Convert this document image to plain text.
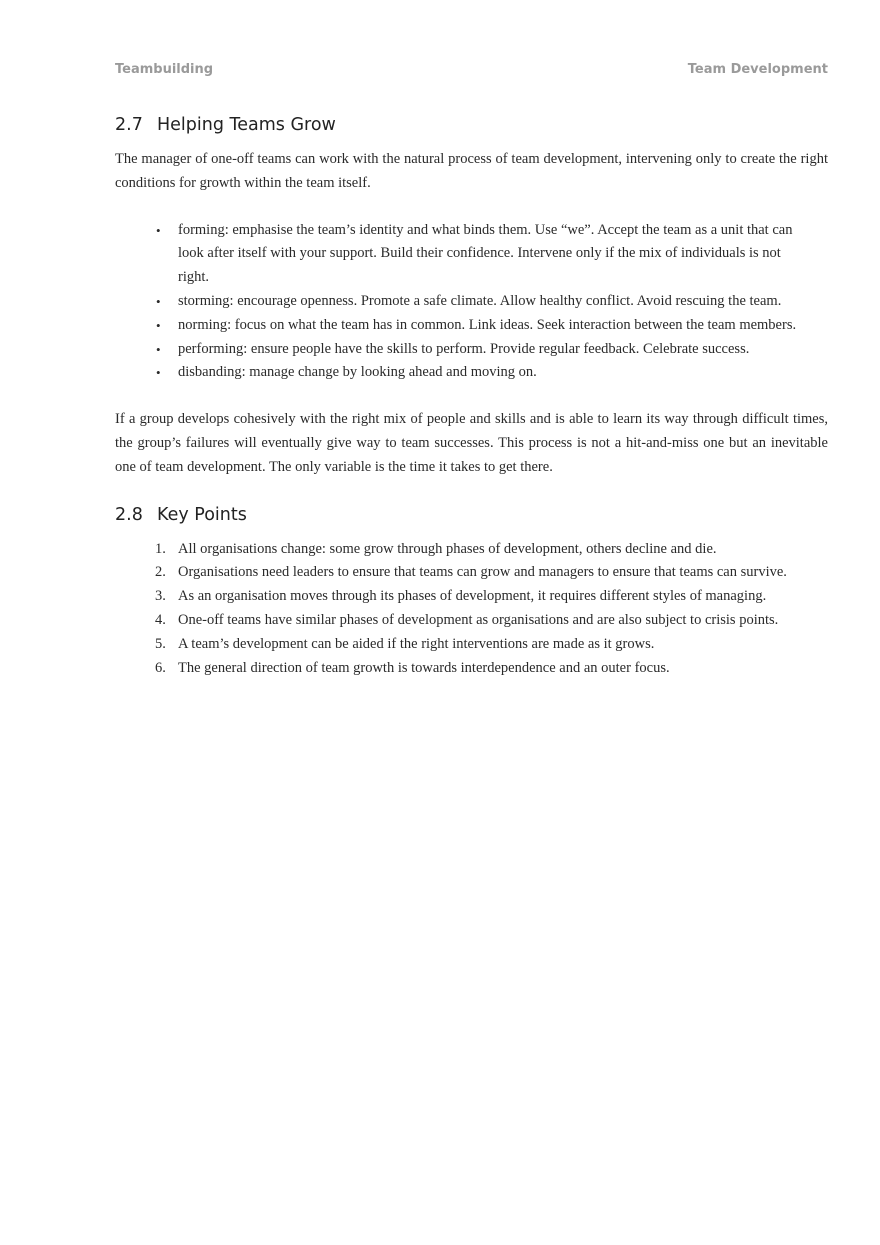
Teambuilding	Team Development
2.7 Helping Teams Grow

The manager of one-off teams can work with the natural process of team development, intervening only to create the right conditions for growth within the team itself.

• forming: emphasise the team’s identity and what binds them. Use “we”. Accept the team as a unit that can look after itself with your support. Build their confidence. Intervene only if the mix of individuals is not right.
• storming: encourage openness. Promote a safe climate. Allow healthy conflict. Avoid rescuing the team.
• norming: focus on what the team has in common. Link ideas. Seek interaction between the team members.
• performing: ensure people have the skills to perform. Provide regular feedback. Celebrate success.
• disbanding: manage change by looking ahead and moving on.

If a group develops cohesively with the right mix of people and skills and is able to learn its way through difficult times, the group’s failures will eventually give way to team successes. This process is not a hit-and-miss one but an inevitable one of team development. The only variable is the time it takes to get there.

2.8 Key Points
1. All organisations change: some grow through phases of development, others decline and die.
2. Organisations need leaders to ensure that teams can grow and managers to ensure that teams can survive.
3. As an organisation moves through its phases of development, it requires different styles of managing.
4. One-off teams have similar phases of development as organisations and are also subject to crisis points.
5. A team’s development can be aided if the right interventions are made as it grows.
6. The general direction of team growth is towards interdependence and an outer focus.
